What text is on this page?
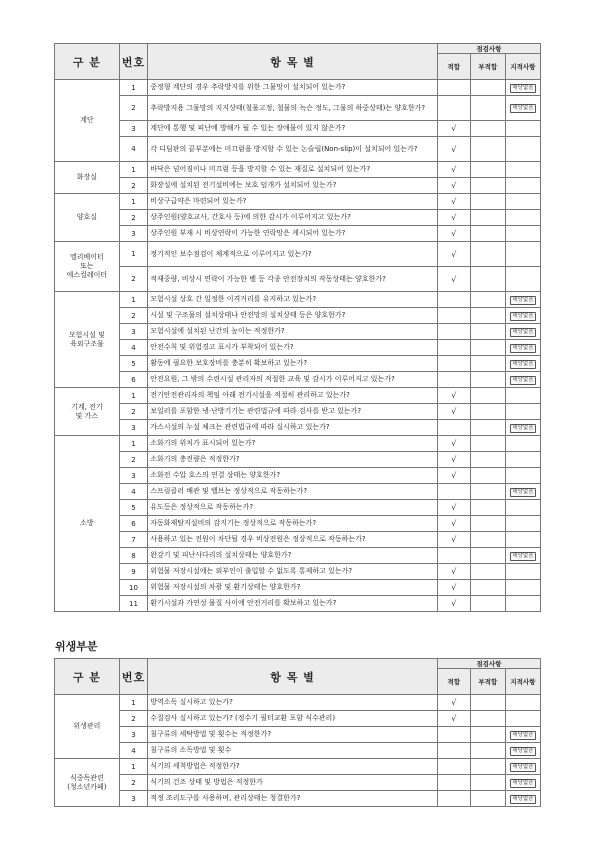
구 분	번호	항 목 별	점검사항		
			적합	부적합	지적사항
계단	1	중정형 계단의 경우 추락방지를 위한 그물망이 설치되어 있는가?			해당없음
	2	추락방지용 그물망의 지지상태(철물고정, 철물의 녹슨 정도, 그물의 하중상태)는 양호한가?			해당없음
	3	계단에 통행 및 피난에 방해가 될 수 있는 장애물이 있지 않은가?	√		
	4	각 디딤판의 끝부분에는 미끄럼을 방지할 수 있는 논슬립(Non-slip)이 설치되어 있는가?	√		
화장실	1	바닥은 넘어짐이나 미끄럼 등을 방지할 수 있는 재질로 설치되어 있는가?	√		
	2	화장실에 설치된 전기설비에는 보호 덮개가 설치되어 있는가?	√		
양호실	1	비상구급약은 마련되어 있는가?	√		
	2	상주인원(양호교사, 간호사 등)에 의한 감시가 이루어지고 있는가?	√		
	3	상주인원 부재 시 비상연락이 가능한 연락망은 게시되어 있는가?	√		
엘리베이터
또는
에스컬레이터	1	정기적인 보수점검이 체계적으로 이루어지고 있는가?	√		
	2	적재중량, 비상시 연락이 가능한 벨 등 각종 안전장치의 작동상태는 양호한가?	√		
모험시설 및
육외구조물	1	모험시설 상호 간 일정한 이격거리를 유지하고 있는가?			해당없음
	2	시설 및 구조물의 설치상태나 안전망의 설치상태 등은 양호한가?			해당없음
	3	모험시설에 설치된 난간의 높이는 적정한가?			해당없음
	4	안전수칙 및 위험경고 표시가 부착되어 있는가?			해당없음
	5	활동에 필요한 보호장비를 충분히 확보하고 있는가?			해당없음
	6	안전요원, 그 밖의 수련시설 관리자의 적절한 교육 및 감시가 이루어지고 있는가?			해당없음
기계, 전기
및 가스	1	전기안전관리자의 책임 아래 전기시설을 적절히 관리하고 있는가?	√		
	2	보일러를 포함한 냉·난방기기는 관련법규에 따라 검사를 받고 있는가?	√		
	3	가스시설의 누설 체크는 관련법규에 따라 실시하고 있는가?			해당없음
소방	1	소화기의 위치가 표시되어 있는가?	√		
	2	소화기의 충전량은 적정한가?	√		
	3	소화전 수압 호스의 연결 상태는 양호한가?	√		
	4	스프링클러 배관 및 밸브는 정상적으로 작동하는가?			해당없음
	5	유도등은 정상적으로 작동하는가?	√		
	6	자동화재탐지설비의 감지기는 정상적으로 작동하는가?	√		
	7	사용하고 있는 전원이 차단될 경우 비상전원은 정상적으로 작동하는가?	√		
	8	완강기 및 피난사다리의 설치상태는 양호한가?			해당없음
	9	위험물 저장시설에는 외부인이 출입할 수 없도록 통제하고 있는가?	√		
	10	위험물 저장시설의 차광 및 환기상태는 양호한가?	√		
	11	환기시설과 가연성 물질 사이에 안전거리를 확보하고 있는가?	√		
위생부분
구 분	번호	항 목 별	점검사항		
			적합	부적합	지적사항
위생관리	1	방역소독 실시하고 있는가?	√		
	2	수질검사 실시하고 있는가? (정수기 필터교환 포함 식수관리)	√		
	3	침구류의 세탁방법 및 횟수는 적정한가?			해당없음
	4	침구류의 소독방법 및 횟수			해당없음
식중독관련
(청소년카페)	1	식기의 세척방법은 적정한가?			해당없음
	2	식기의 건조 상태 및 방법은 적정한가			해당없음
	3	적정 조리도구를 사용하며, 관리상태는 청결한가?			해당없음
